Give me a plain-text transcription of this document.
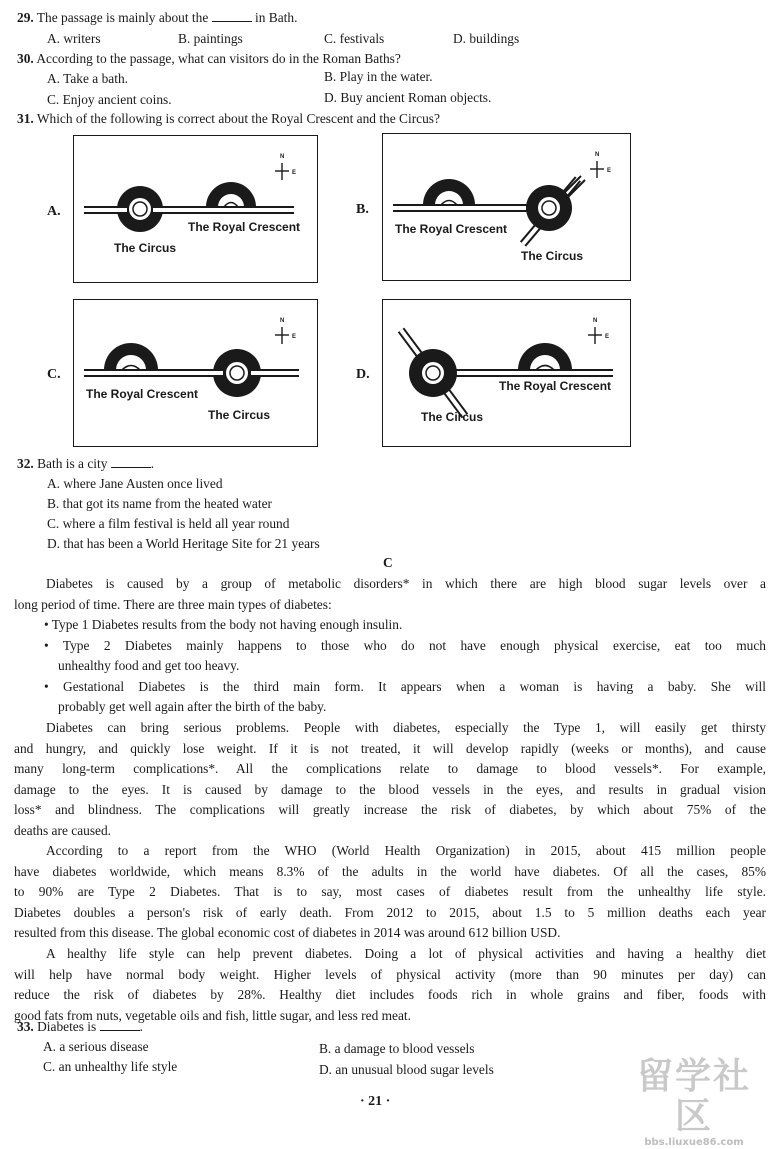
29. The passage is mainly about the	in Bath.
A. writers	B. paintings	C. festivals	D. buildings
30. According to the passage, what can visitors do in the Roman Baths?
A. Take a bath.	B. Play in the water.
C. Enjoy ancient coins.	D. Buy ancient Roman objects.
31. Which of the following is correct about the Royal Crescent and the Circus?
A.
N
E
The Royal Crescent
The Circus
B.
N
E
The Royal Crescent
The Circus
C.
N
E
The Royal Crescent
The Circus
D.
N
E
The Royal Crescent
The Circus
32. Bath is a city	.
A. where Jane Austen once lived
B. that got its name from the heated water
C. where a film festival is held all year round
D. that has been a World Heritage Site for 21 years
C
Diabetes is caused by a group of metabolic disorders* in which there are high blood sugar levels over a
long period of time. There are three main types of diabetes:
• Type 1 Diabetes results from the body not having enough insulin.
• Type 2 Diabetes mainly happens to those who do not have enough physical exercise, eat too much
unhealthy food and get too heavy.
• Gestational Diabetes is the third main form. It appears when a woman is having a baby. She will
probably get well again after the birth of the baby.
Diabetes can bring serious problems. People with diabetes, especially the Type 1, will easily get thirsty
and hungry, and quickly lose weight. If it is not treated, it will develop rapidly (weeks or months), and cause
many long-term complications*. All the complications relate to damage to blood vessels*. For example,
damage to the eyes. It is caused by damage to the blood vessels in the eyes, and results in gradual vision
loss* and blindness. The complications will greatly increase the risk of diabetes, by which about 75% of the
deaths are caused.
According to a report from the WHO (World Health Organization) in 2015, about 415 million people
have diabetes worldwide, which means 8.3% of the adults in the world have diabetes. Of all the cases, 85%
to 90% are Type 2 Diabetes. That is to say, most cases of diabetes result from the unhealthy life style.
Diabetes doubles a person's risk of early death. From 2012 to 2015, about 1.5 to 5 million deaths each year
resulted from this disease. The global economic cost of diabetes in 2014 was around 612 billion USD.
A healthy life style can help prevent diabetes. Doing a lot of physical activities and having a healthy diet
will help have normal body weight. Higher levels of physical activity (more than 90 minutes per day) can
reduce the risk of diabetes by 28%. Healthy diet includes foods rich in whole grains and fiber, foods with
good fats from nuts, vegetable oils and fish, little sugar, and less red meat.
33. Diabetes is	.
A. a serious disease	B. a damage to blood vessels
C. an unhealthy life style	D. an unusual blood sugar levels
· 21 ·
留学社区
bbs.liuxue86.com
